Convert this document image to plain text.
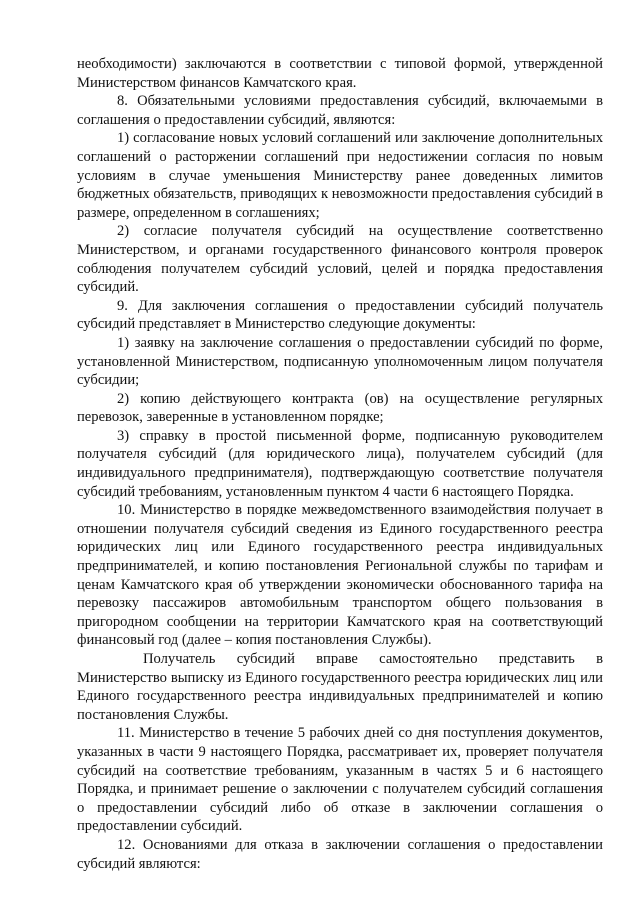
необходимости) заключаются в соответствии с типовой формой, утвержденной Министерством финансов Камчатского края.

8. Обязательными условиями предоставления субсидий, включаемыми в соглашения о предоставлении субсидий, являются:

1) согласование новых условий соглашений или заключение дополнительных соглашений о расторжении соглашений при недостижении согласия по новым условиям в случае уменьшения Министерству ранее доведенных лимитов бюджетных обязательств, приводящих к невозможности предоставления субсидий в размере, определенном в соглашениях;

2) согласие получателя субсидий на осуществление соответственно Министерством, и органами государственного финансового контроля проверок соблюдения получателем субсидий условий, целей и порядка предоставления субсидий.

9. Для заключения соглашения о предоставлении субсидий получатель субсидий представляет в Министерство следующие документы:

1) заявку на заключение соглашения о предоставлении субсидий по форме, установленной Министерством, подписанную уполномоченным лицом получателя субсидии;

2) копию действующего контракта (ов) на осуществление регулярных перевозок, заверенные в установленном порядке;

3) справку в простой письменной форме, подписанную руководителем получателя субсидий (для юридического лица), получателем субсидий (для индивидуального предпринимателя), подтверждающую соответствие получателя субсидий требованиям, установленным пунктом 4 части 6 настоящего Порядка.

10. Министерство в порядке межведомственного взаимодействия получает в отношении получателя субсидий сведения из Единого государственного реестра юридических лиц или Единого государственного реестра индивидуальных предпринимателей, и копию постановления Региональной службы по тарифам и ценам Камчатского края об утверждении экономически обоснованного тарифа на перевозку пассажиров автомобильным транспортом общего пользования в пригородном сообщении на территории Камчатского края на соответствующий финансовый год (далее – копия постановления Службы).

Получатель субсидий вправе самостоятельно представить в Министерство выписку из Единого государственного реестра юридических лиц или Единого государственного реестра индивидуальных предпринимателей и копию постановления Службы.

11. Министерство в течение 5 рабочих дней со дня поступления документов, указанных в части 9 настоящего Порядка, рассматривает их, проверяет получателя субсидий на соответствие требованиям, указанным в частях 5 и 6 настоящего Порядка, и принимает решение о заключении с получателем субсидий соглашения о предоставлении субсидий либо об отказе в заключении соглашения о предоставлении субсидий.

12. Основаниями для отказа в заключении соглашения о предоставлении субсидий являются:
